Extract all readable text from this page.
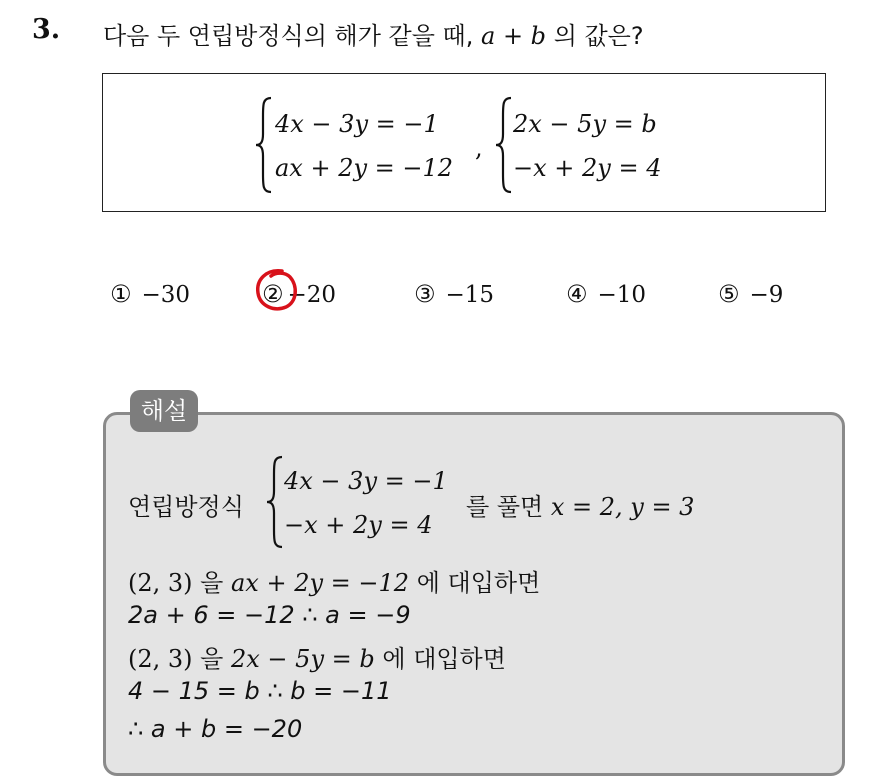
3. 다음 두 연립방정식의 해가 같을 때, a + b 의 값은?
4x − 3y = −1
ax + 2y = −12
,
2x − 5y = b
−x + 2y = 4
① −30	② −20	③ −15	④ −10	⑤ −9
해설
연립방정식
4x − 3y = −1
−x + 2y = 4
를 풀면 x = 2, y = 3
(2, 3) 을 ax + 2y = −12 에 대입하면
2a + 6 = −12 ∴ a = −9
(2, 3) 을 2x − 5y = b 에 대입하면
4 − 15 = b ∴ b = −11
∴ a + b = −20
